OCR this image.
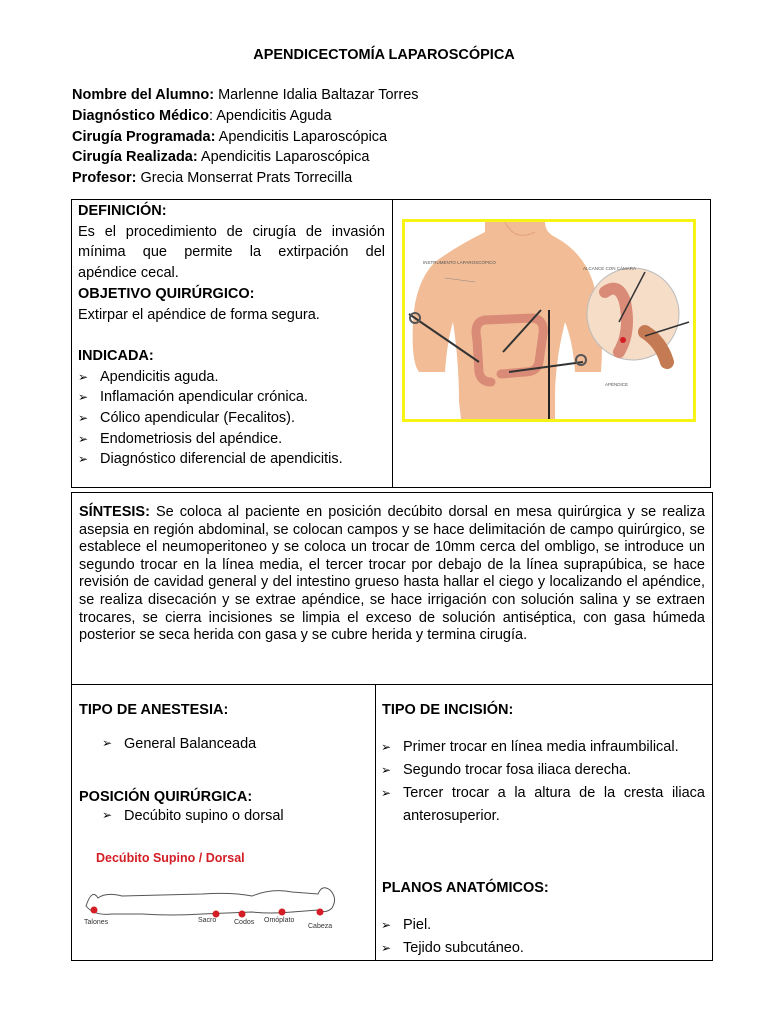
APENDICECTOMÍA LAPAROSCÓPICA
Nombre del Alumno: Marlenne Idalia Baltazar Torres
Diagnóstico Médico: Apendicitis Aguda
Cirugía Programada: Apendicitis Laparoscópica
Cirugía Realizada: Apendicitis Laparoscópica
Profesor: Grecia Monserrat Prats Torrecilla
DEFINICIÓN:
Es el procedimiento de cirugía de invasión
mínima que permite la extirpación del
apéndice cecal.
OBJETIVO QUIRÚRGICO:
Extirpar el apéndice de forma segura.
INDICADA:
➢ Apendicitis aguda.
➢ Inflamación apendicular crónica.
➢ Cólico apendicular (Fecalitos).
➢ Endometriosis del apéndice.
➢ Diagnóstico diferencial de apendicitis.
INSTRUMENTO LAPAROSCÓPICO
ALCANCE CON CÁMARA
APÉNDICE
SÍNTESIS: Se coloca al paciente en posición decúbito dorsal en mesa quirúrgica y se realiza asepsia en región abdominal, se colocan campos y se hace delimitación de campo quirúrgico, se establece el neumoperitoneo y se coloca un trocar de 10mm cerca del ombligo, se introduce un segundo trocar en la línea media, el tercer trocar por debajo de la línea suprapúbica, se hace revisión de cavidad general y del intestino grueso hasta hallar el ciego y localizando el apéndice, se realiza disecación y se extrae apéndice, se hace irrigación con solución salina y se extraen trocares, se cierra incisiones se limpia el exceso de solución antiséptica, con gasa húmeda posterior se seca herida con gasa y se cubre herida y termina cirugía.
TIPO DE ANESTESIA:
➢ General Balanceada
POSICIÓN QUIRÚRGICA:
➢ Decúbito supino o dorsal
Decúbito Supino / Dorsal
Talones	Sacro	Codos Omóplato
Cabeza
TIPO DE INCISIÓN:
➢ Primer trocar en línea media infraumbilical.
➢ Segundo trocar fosa iliaca derecha.
➢ Tercer trocar a la altura de la cresta iliaca
anterosuperior.
PLANOS ANATÓMICOS:
➢ Piel.
➢ Tejido subcutáneo.
